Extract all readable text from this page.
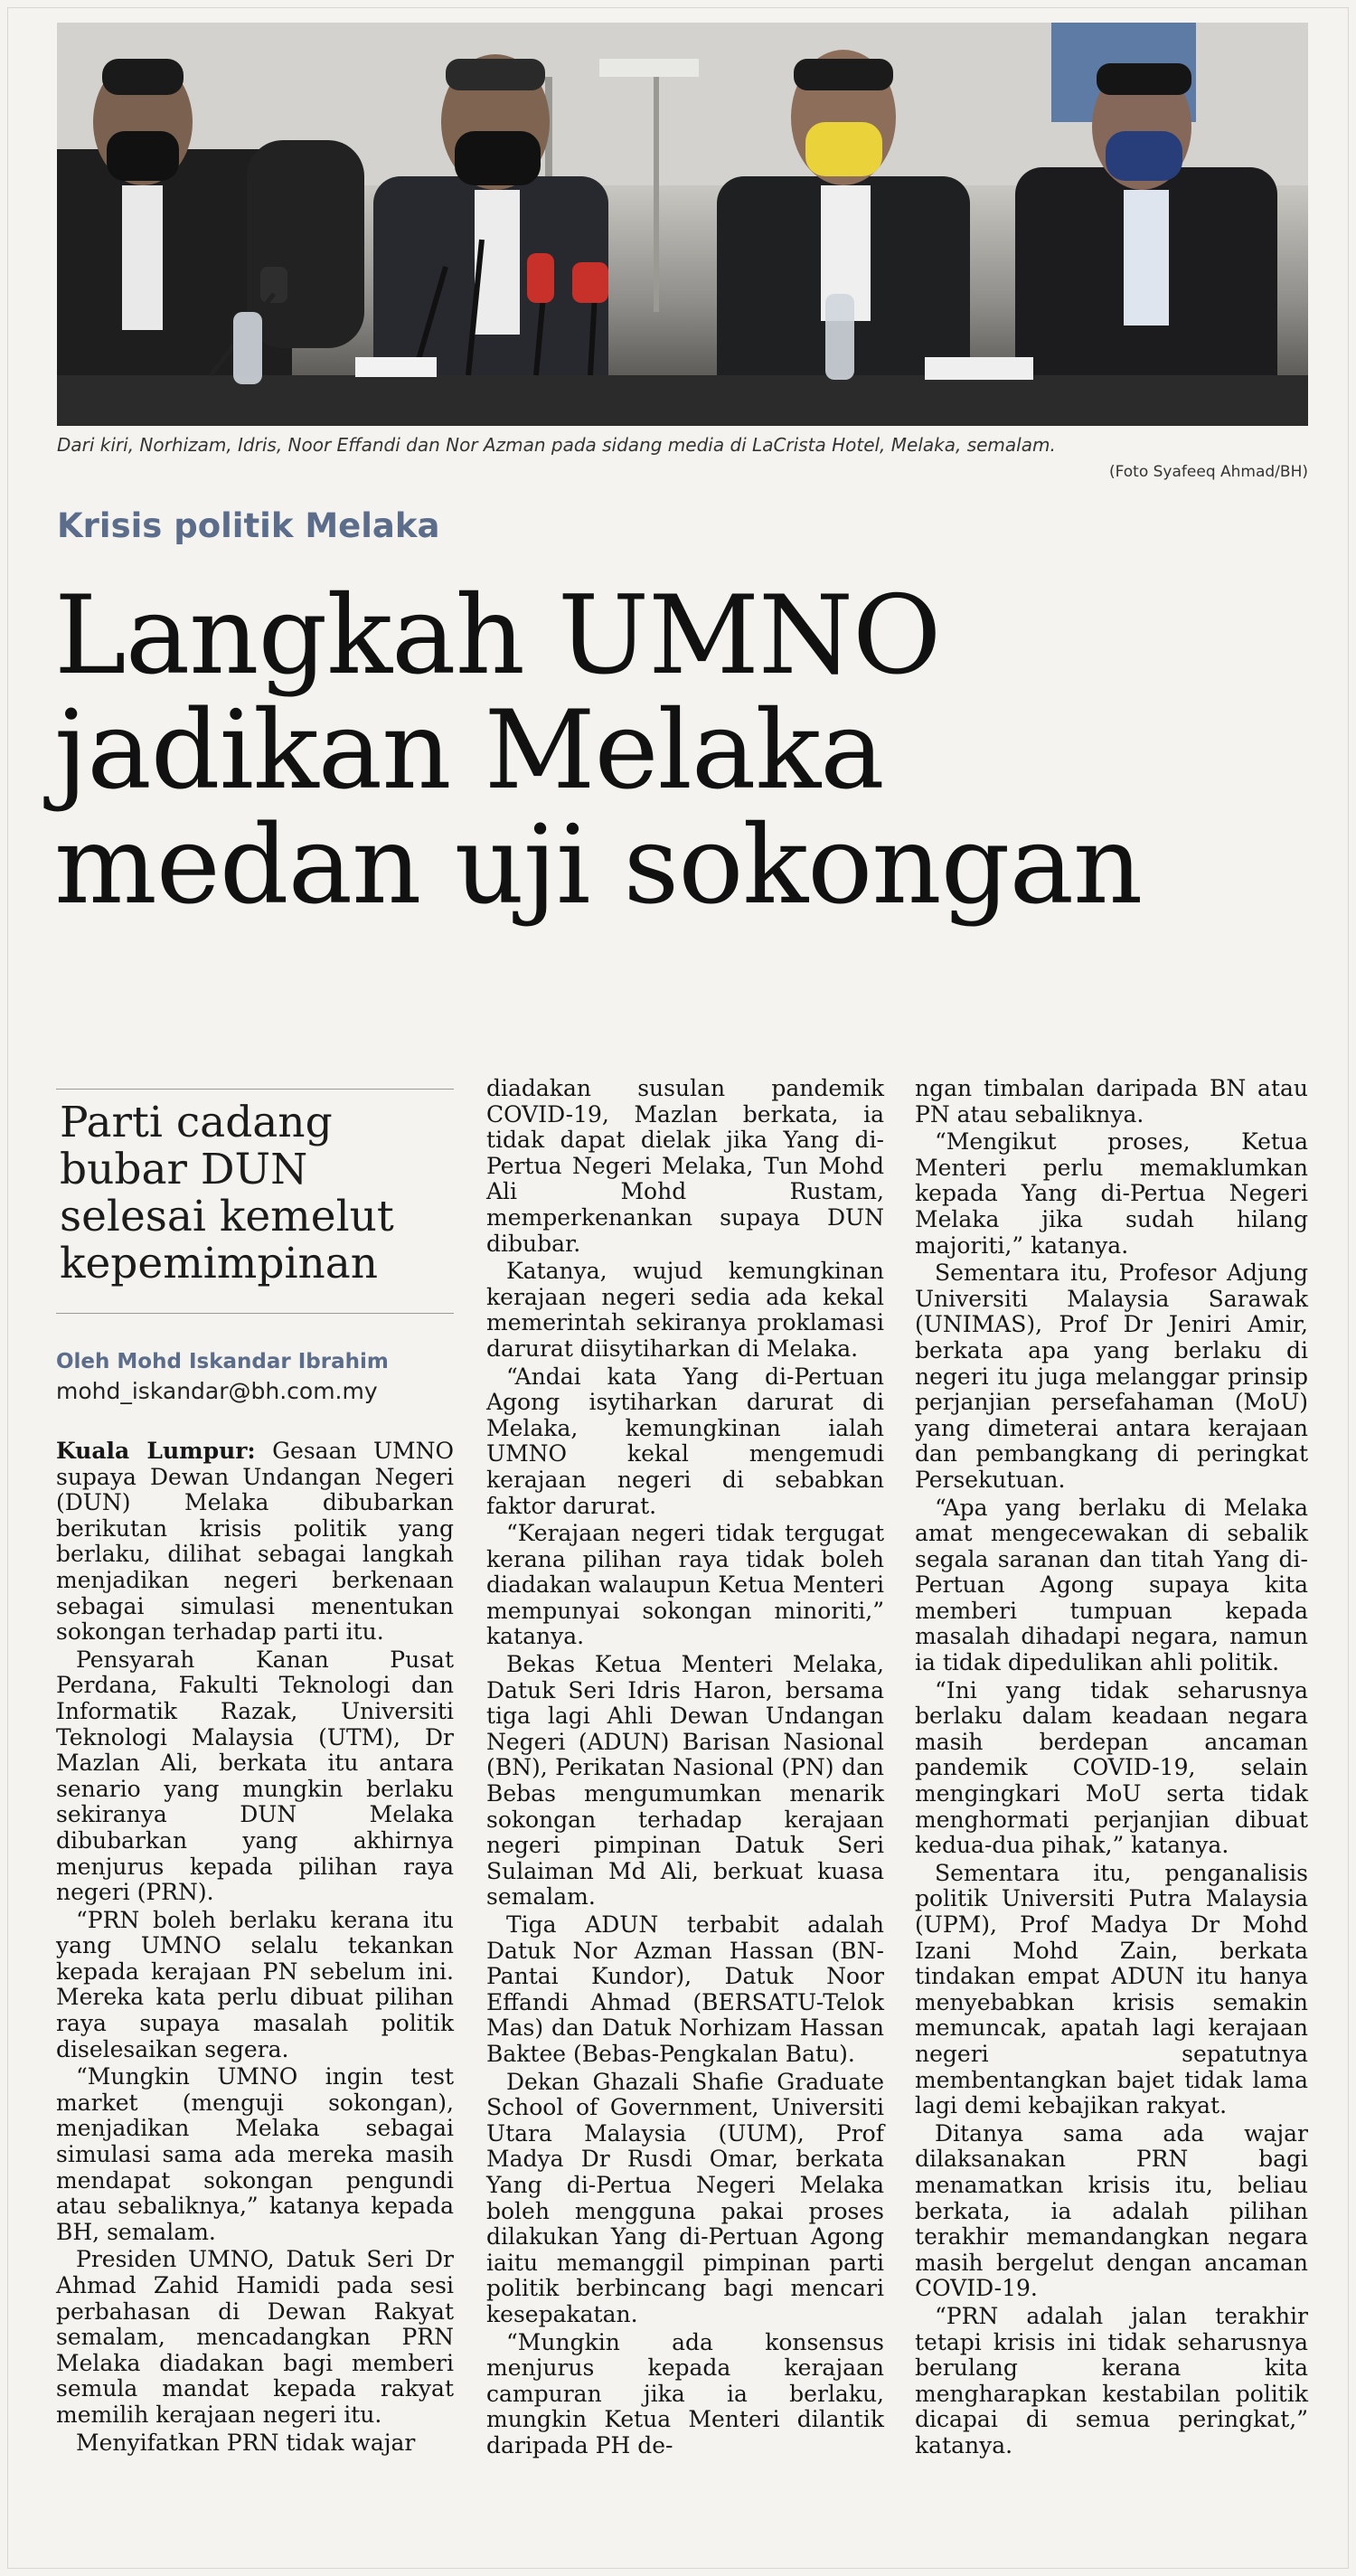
Dari kiri, Norhizam, Idris, Noor Effandi dan Nor Azman pada sidang media di LaCrista Hotel, Melaka, semalam.
(Foto Syafeeq Ahmad/BH)
Krisis politik Melaka
Langkah UMNO
jadikan Melaka
medan uji sokongan
Parti cadang
bubar DUN
selesai kemelut
kepemimpinan
Oleh Mohd Iskandar Ibrahim
mohd_iskandar@bh.com.my

Kuala Lumpur: Gesaan UMNO supaya Dewan Undangan Negeri (DUN) Melaka dibubarkan berikutan krisis politik yang berlaku, dilihat sebagai langkah menjadikan negeri berkenaan sebagai simulasi menentukan sokongan terhadap parti itu.

Pensyarah Kanan Pusat Perdana, Fakulti Teknologi dan Informatik Razak, Universiti Teknologi Malaysia (UTM), Dr Mazlan Ali, berkata itu antara senario yang mungkin berlaku sekiranya DUN Melaka dibubarkan yang akhirnya menjurus kepada pilihan raya negeri (PRN).

“PRN boleh berlaku kerana itu yang UMNO selalu tekankan kepada kerajaan PN sebelum ini. Mereka kata perlu dibuat pilihan raya supaya masalah politik diselesaikan segera.

“Mungkin UMNO ingin test market (menguji sokongan), menjadikan Melaka sebagai simulasi sama ada mereka masih mendapat sokongan pengundi atau sebaliknya,” katanya kepada BH, semalam.

Presiden UMNO, Datuk Seri Dr Ahmad Zahid Hamidi pada sesi perbahasan di Dewan Rakyat semalam, mencadangkan PRN Melaka diadakan bagi memberi semula mandat kepada rakyat memilih kerajaan negeri itu.

Menyifatkan PRN tidak wajar

diadakan susulan pandemik COVID-19, Mazlan berkata, ia tidak dapat dielak jika Yang di-Pertua Negeri Melaka, Tun Mohd Ali Mohd Rustam, memperkenankan supaya DUN dibubar.

Katanya, wujud kemungkinan kerajaan negeri sedia ada kekal memerintah sekiranya proklamasi darurat diisytiharkan di Melaka.

“Andai kata Yang di-Pertuan Agong isytiharkan darurat di Melaka, kemungkinan ialah UMNO kekal mengemudi kerajaan negeri di sebabkan faktor darurat.

“Kerajaan negeri tidak tergugat kerana pilihan raya tidak boleh diadakan walaupun Ketua Menteri mempunyai sokongan minoriti,” katanya.

Bekas Ketua Menteri Melaka, Datuk Seri Idris Haron, bersama tiga lagi Ahli Dewan Undangan Negeri (ADUN) Barisan Nasional (BN), Perikatan Nasional (PN) dan Bebas mengumumkan menarik sokongan terhadap kerajaan negeri pimpinan Datuk Seri Sulaiman Md Ali, berkuat kuasa semalam.

Tiga ADUN terbabit adalah Datuk Nor Azman Hassan (BN-Pantai Kundor), Datuk Noor Effandi Ahmad (BERSATU-Telok Mas) dan Datuk Norhizam Hassan Baktee (Bebas-Pengkalan Batu).

Dekan Ghazali Shafie Graduate School of Government, Universiti Utara Malaysia (UUM), Prof Madya Dr Rusdi Omar, berkata Yang di-Pertua Negeri Melaka boleh mengguna pakai proses dilakukan Yang di-Pertuan Agong iaitu memanggil pimpinan parti politik berbincang bagi mencari kesepakatan.

“Mungkin ada konsensus menjurus kepada kerajaan campuran jika ia berlaku, mungkin Ketua Menteri dilantik daripada PH de-

ngan timbalan daripada BN atau PN atau sebaliknya.

“Mengikut proses, Ketua Menteri perlu memaklumkan kepada Yang di-Pertua Negeri Melaka jika sudah hilang majoriti,” katanya.

Sementara itu, Profesor Adjung Universiti Malaysia Sarawak (UNIMAS), Prof Dr Jeniri Amir, berkata apa yang berlaku di negeri itu juga melanggar prinsip perjanjian persefahaman (MoU) yang dimeterai antara kerajaan dan pembangkang di peringkat Persekutuan.

“Apa yang berlaku di Melaka amat mengecewakan di sebalik segala saranan dan titah Yang di-Pertuan Agong supaya kita memberi tumpuan kepada masalah dihadapi negara, namun ia tidak dipedulikan ahli politik.

“Ini yang tidak seharusnya berlaku dalam keadaan negara masih berdepan ancaman pandemik COVID-19, selain mengingkari MoU serta tidak menghormati perjanjian dibuat kedua-dua pihak,” katanya.

Sementara itu, penganalisis politik Universiti Putra Malaysia (UPM), Prof Madya Dr Mohd Izani Mohd Zain, berkata tindakan empat ADUN itu hanya menyebabkan krisis semakin memuncak, apatah lagi kerajaan negeri sepatutnya membentangkan bajet tidak lama lagi demi kebajikan rakyat.

Ditanya sama ada wajar dilaksanakan PRN bagi menamatkan krisis itu, beliau berkata, ia adalah pilihan terakhir memandangkan negara masih bergelut dengan ancaman COVID-19.

“PRN adalah jalan terakhir tetapi krisis ini tidak seharusnya berulang kerana kita mengharapkan kestabilan politik dicapai di semua peringkat,” katanya.
